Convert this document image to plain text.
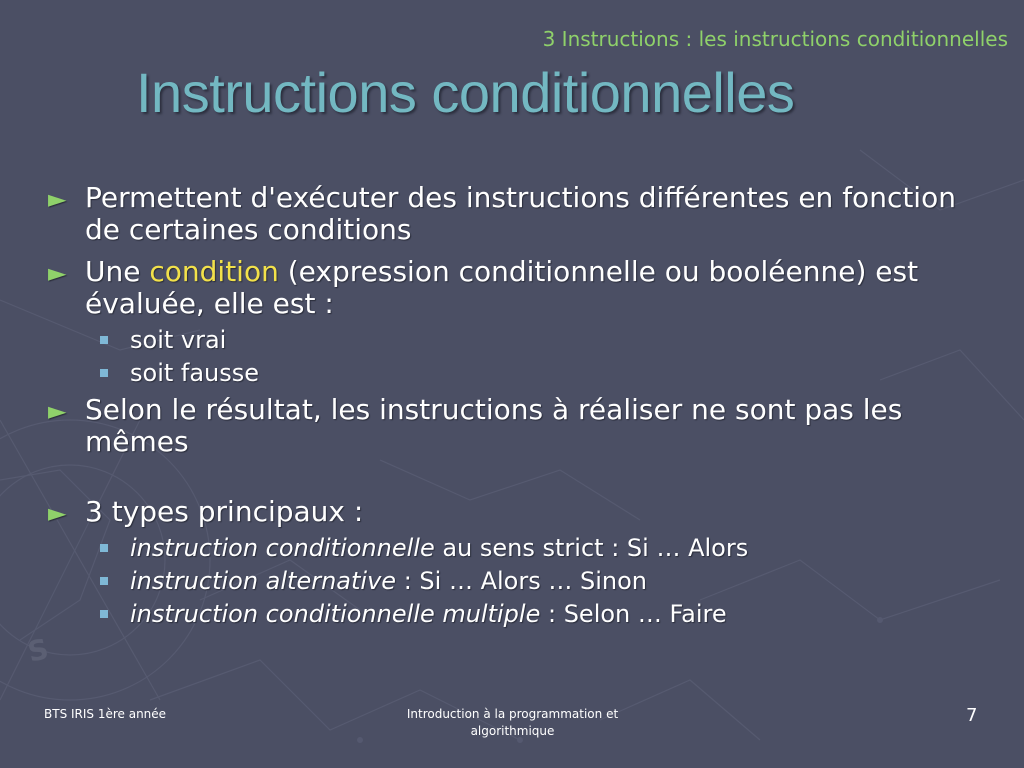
S
3 Instructions : les instructions conditionnelles
Instructions conditionnelles
► Permettent d'exécuter des instructions différentes en fonction de certaines conditions
► Une condition (expression conditionnelle ou booléenne) est évaluée, elle est :
soit vrai
soit fausse
► Selon le résultat, les instructions à réaliser ne sont pas les mêmes
► 3 types principaux :
instruction conditionnelle au sens strict : Si … Alors
instruction alternative : Si … Alors … Sinon
instruction conditionnelle multiple : Selon … Faire
BTS IRIS 1ère année	Introduction à la programmation et algorithmique
7
